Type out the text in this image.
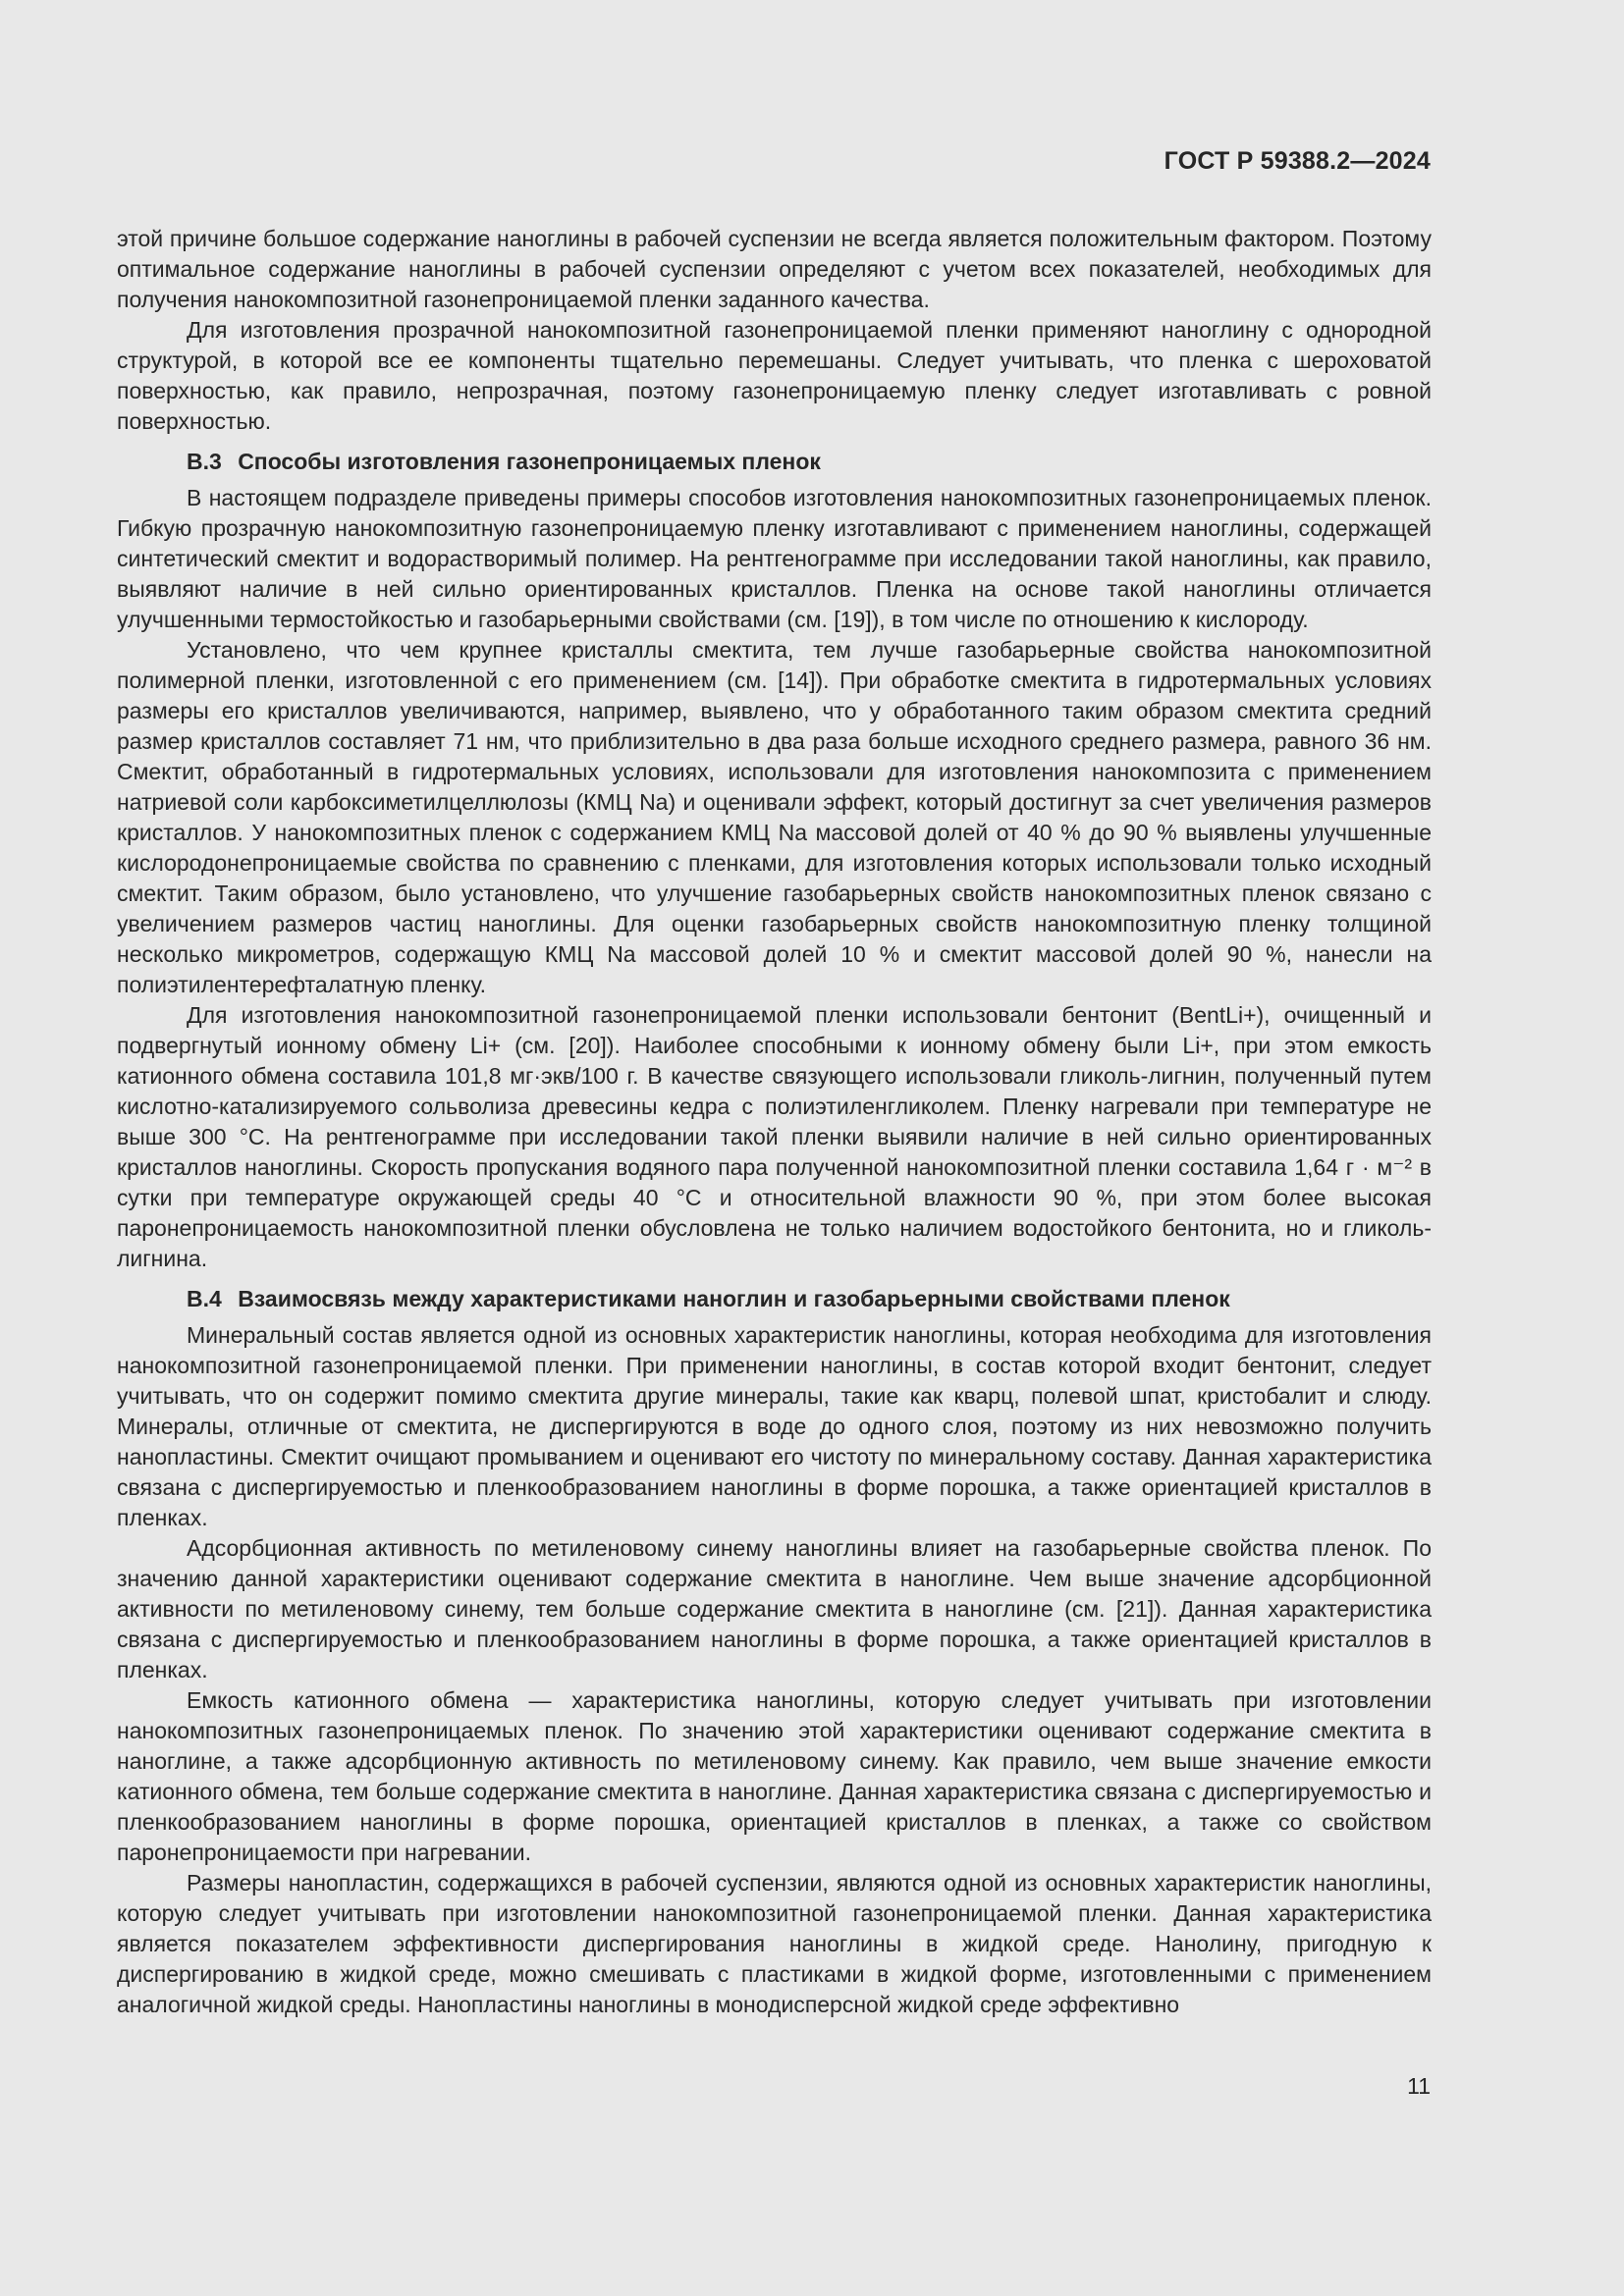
ГОСТ Р 59388.2—2024

этой причине большое содержание наноглины в рабочей суспензии не всегда является положительным фактором. Поэтому оптимальное содержание наноглины в рабочей суспензии определяют с учетом всех показателей, необходимых для получения нанокомпозитной газонепроницаемой пленки заданного качества.

Для изготовления прозрачной нанокомпозитной газонепроницаемой пленки применяют наноглину с однородной структурой, в которой все ее компоненты тщательно перемешаны. Следует учитывать, что пленка с шероховатой поверхностью, как правило, непрозрачная, поэтому газонепроницаемую пленку следует изготавливать с ровной поверхностью.

В.3 Способы изготовления газонепроницаемых пленок

В настоящем подразделе приведены примеры способов изготовления нанокомпозитных газонепроницаемых пленок. Гибкую прозрачную нанокомпозитную газонепроницаемую пленку изготавливают с применением наноглины, содержащей синтетический смектит и водорастворимый полимер. На рентгенограмме при исследовании такой наноглины, как правило, выявляют наличие в ней сильно ориентированных кристаллов. Пленка на основе такой наноглины отличается улучшенными термостойкостью и газобарьерными свойствами (см. [19]), в том числе по отношению к кислороду.

Установлено, что чем крупнее кристаллы смектита, тем лучше газобарьерные свойства нанокомпозитной полимерной пленки, изготовленной с его применением (см. [14]). При обработке смектита в гидротермальных условиях размеры его кристаллов увеличиваются, например, выявлено, что у обработанного таким образом смектита средний размер кристаллов составляет 71 нм, что приблизительно в два раза больше исходного среднего размера, равного 36 нм. Смектит, обработанный в гидротермальных условиях, использовали для изготовления нанокомпозита с применением натриевой соли карбоксиметилцеллюлозы (КМЦ Na) и оценивали эффект, который достигнут за счет увеличения размеров кристаллов. У нанокомпозитных пленок с содержанием КМЦ Na массовой долей от 40 % до 90 % выявлены улучшенные кислородонепроницаемые свойства по сравнению с пленками, для изготовления которых использовали только исходный смектит. Таким образом, было установлено, что улучшение газобарьерных свойств нанокомпозитных пленок связано с увеличением размеров частиц наноглины. Для оценки газобарьерных свойств нанокомпозитную пленку толщиной несколько микрометров, содержащую КМЦ Na массовой долей 10 % и смектит массовой долей 90 %, нанесли на полиэтилентерефталатную пленку.

Для изготовления нанокомпозитной газонепроницаемой пленки использовали бентонит (BentLi+), очищенный и подвергнутый ионному обмену Li+ (см. [20]). Наиболее способными к ионному обмену были Li+, при этом емкость катионного обмена составила 101,8 мг·экв/100 г. В качестве связующего использовали гликоль-лигнин, полученный путем кислотно-катализируемого сольволиза древесины кедра с полиэтиленгликолем. Пленку нагревали при температуре не выше 300 °C. На рентгенограмме при исследовании такой пленки выявили наличие в ней сильно ориентированных кристаллов наноглины. Скорость пропускания водяного пара полученной нанокомпозитной пленки составила 1,64 г · м⁻² в сутки при температуре окружающей среды 40 °C и относительной влажности 90 %, при этом более высокая паронепроницаемость нанокомпозитной пленки обусловлена не только наличием водостойкого бентонита, но и гликоль-лигнина.

В.4 Взаимосвязь между характеристиками наноглин и газобарьерными свойствами пленок

Минеральный состав является одной из основных характеристик наноглины, которая необходима для изготовления нанокомпозитной газонепроницаемой пленки. При применении наноглины, в состав которой входит бентонит, следует учитывать, что он содержит помимо смектита другие минералы, такие как кварц, полевой шпат, кристобалит и слюду. Минералы, отличные от смектита, не диспергируются в воде до одного слоя, поэтому из них невозможно получить нанопластины. Смектит очищают промыванием и оценивают его чистоту по минеральному составу. Данная характеристика связана с диспергируемостью и пленкообразованием наноглины в форме порошка, а также ориентацией кристаллов в пленках.

Адсорбционная активность по метиленовому синему наноглины влияет на газобарьерные свойства пленок. По значению данной характеристики оценивают содержание смектита в наноглине. Чем выше значение адсорбционной активности по метиленовому синему, тем больше содержание смектита в наноглине (см. [21]). Данная характеристика связана с диспергируемостью и пленкообразованием наноглины в форме порошка, а также ориентацией кристаллов в пленках.

Емкость катионного обмена — характеристика наноглины, которую следует учитывать при изготовлении нанокомпозитных газонепроницаемых пленок. По значению этой характеристики оценивают содержание смектита в наноглине, а также адсорбционную активность по метиленовому синему. Как правило, чем выше значение емкости катионного обмена, тем больше содержание смектита в наноглине. Данная характеристика связана с диспергируемостью и пленкообразованием наноглины в форме порошка, ориентацией кристаллов в пленках, а также со свойством паронепроницаемости при нагревании.

Размеры нанопластин, содержащихся в рабочей суспензии, являются одной из основных характеристик наноглины, которую следует учитывать при изготовлении нанокомпозитной газонепроницаемой пленки. Данная характеристика является показателем эффективности диспергирования наноглины в жидкой среде. Нанолину, пригодную к диспергированию в жидкой среде, можно смешивать с пластиками в жидкой форме, изготовленными с применением аналогичной жидкой среды. Нанопластины наноглины в монодисперсной жидкой среде эффективно

11
